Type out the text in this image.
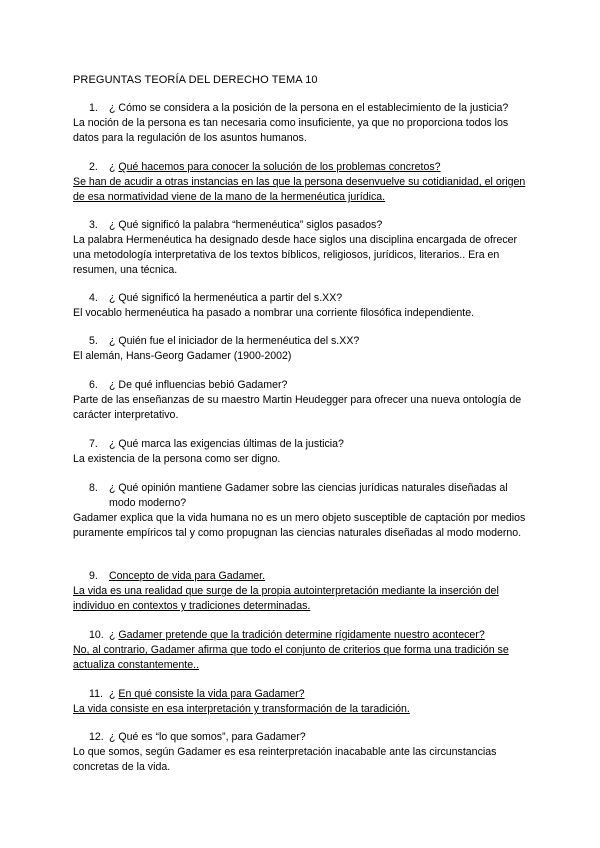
PREGUNTAS TEORÍA DEL DERECHO TEMA 10
1. ¿ Cómo se considera a la posición de la persona en el establecimiento de la justicia?
La noción de la persona es tan necesaria como insuficiente, ya que no proporciona todos los datos para la regulación de los asuntos humanos.
2. ¿ Qué hacemos para conocer la solución de los problemas concretos?
Se han de acudir a otras instancias en las que la persona desenvuelve su cotidianidad, el origen de esa normatividad viene de la mano de la hermenéutica jurídica.
3. ¿ Qué significó la palabra “hermenéutica” siglos pasados?
La palabra Hermenéutica ha designado desde hace siglos una disciplina encargada de ofrecer una metodología interpretativa de los textos bíblicos, religiosos, jurídicos, literarios.. Era en resumen, una técnica.
4. ¿ Qué significó la hermenéutica a partir del s.XX?
El vocablo hermenéutica ha pasado a nombrar una corriente filosófica independiente.
5. ¿ Quién fue el iniciador de la hermenéutica del s.XX?
El alemán, Hans-Georg Gadamer (1900-2002)
6. ¿ De qué influencias bebió Gadamer?
Parte de las enseñanzas de su maestro Martin Heudegger para ofrecer una nueva ontología de carácter interpretativo.
7. ¿ Qué marca las exigencias últimas de la justicia?
La existencia de la persona como ser digno.
8. ¿ Qué opinión mantiene Gadamer sobre las ciencias jurídicas naturales diseñadas al modo moderno?
Gadamer explica que la vida humana no es un mero objeto susceptible de captación por medios puramente empíricos tal y como propugnan las ciencias naturales diseñadas al modo moderno.
9. Concepto de vida para Gadamer.
La vida es una realidad que surge de la propia autointerpretación mediante la inserción del individuo en contextos y tradiciones determinadas.
10. ¿ Gadamer pretende que la tradición determine rígidamente nuestro acontecer?
No, al contrario, Gadamer afirma que todo el conjunto de criterios que forma una tradición se actualiza constantemente..
11. ¿ En qué consiste la vida para Gadamer?
La vida consiste en esa interpretación y transformación de la taradición.
12. ¿ Qué es “lo que somos”, para Gadamer?
Lo que somos, según Gadamer es esa reinterpretación inacabable ante las circunstancias concretas de la vida.
